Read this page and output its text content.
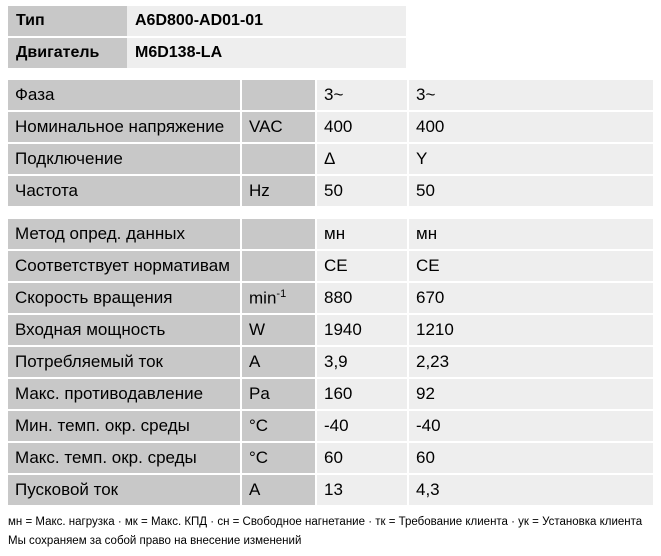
Тип	A6D800-AD01-01
Двигатель	M6D138-LA
Фаза		3~	3~
Номинальное напряжение	VAC	400	400
Подключение		Δ	Y
Частота	Hz	50	50
Метод опред. данных		мн	мн
Соответствует нормативам		CE	CE
Скорость вращения	$\min^{-1}$	880	670
Входная мощность	W	1940	1210
Потребляемый ток	A	3,9	2,23
Макс. противодавление	Pa	160	92
Мин. темп. окр. среды	°C	-40	-40
Макс. темп. окр. среды	°C	60	60
Пусковой ток	A	13	4,3
мн = Макс. нагрузка · мк = Макс. КПД · сн = Свободное нагнетание · тк = Требование клиента · ук = Установка клиента
Мы сохраняем за собой право на внесение изменений
